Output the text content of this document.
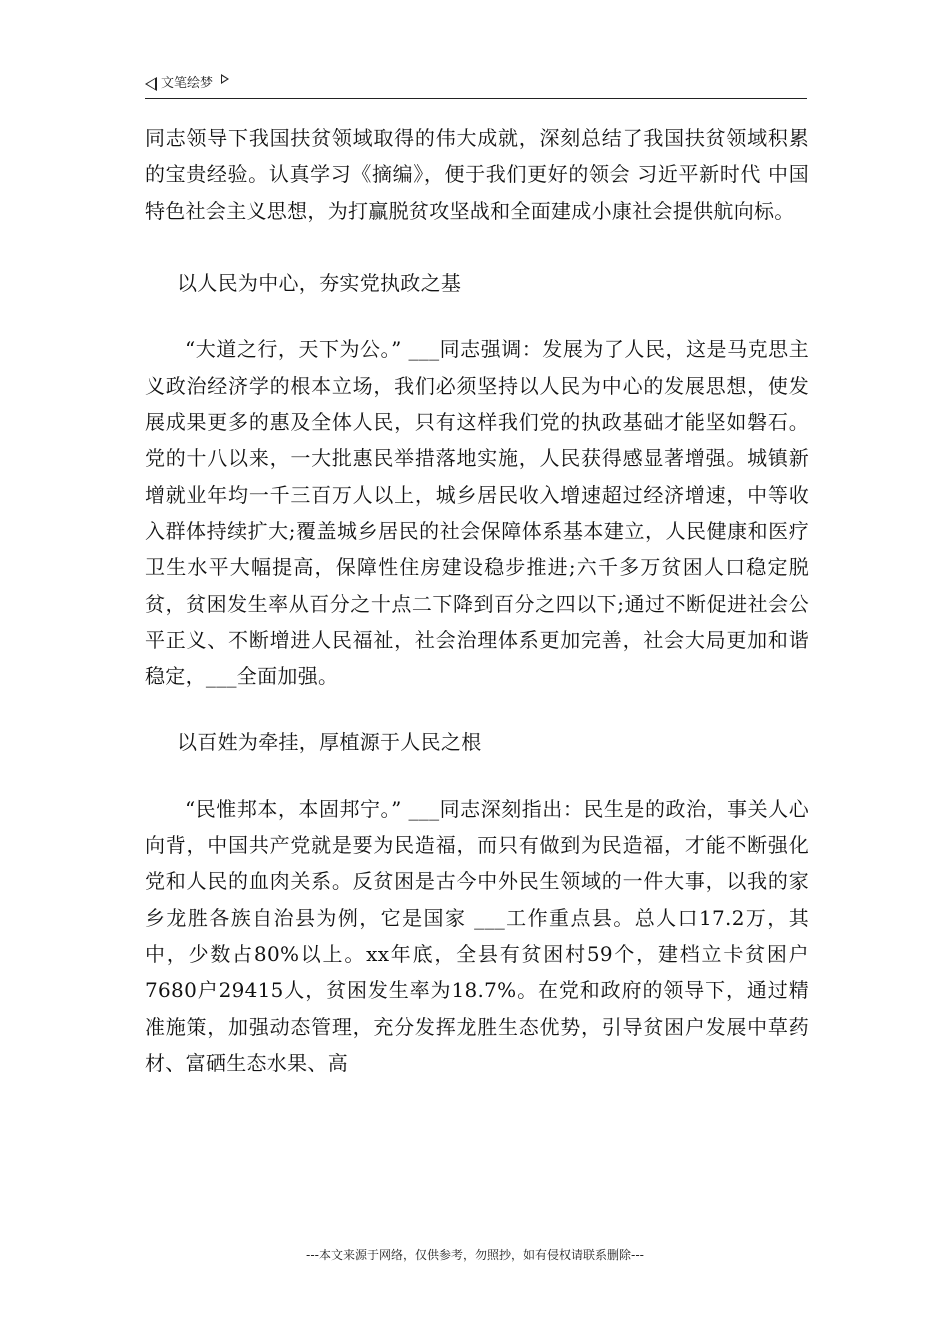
文笔绘梦

同志领导下我国扶贫领域取得的伟大成就，深刻总结了我国扶贫领域积累的宝贵经验。认真学习《摘编》，便于我们更好的领会 习近平新时代 中国特色社会主义思想，为打赢脱贫攻坚战和全面建成小康社会提供航向标。

以人民为中心，夯实党执政之基

“大道之行，天下为公。” ___同志强调：发展为了人民，这是马克思主义政治经济学的根本立场，我们必须坚持以人民为中心的发展思想，使发展成果更多的惠及全体人民，只有这样我们党的执政基础才能坚如磐石。党的十八以来，一大批惠民举措落地实施，人民获得感显著增强。城镇新增就业年均一千三百万人以上，城乡居民收入增速超过经济增速，中等收入群体持续扩大;覆盖城乡居民的社会保障体系基本建立，人民健康和医疗卫生水平大幅提高，保障性住房建设稳步推进;六千多万贫困人口稳定脱贫，贫困发生率从百分之十点二下降到百分之四以下;通过不断促进社会公平正义、不断增进人民福祉，社会治理体系更加完善，社会大局更加和谐稳定，___全面加强。

以百姓为牵挂，厚植源于人民之根

“民惟邦本，本固邦宁。” ___同志深刻指出：民生是的政治，事关人心向背，中国共产党就是要为民造福，而只有做到为民造福，才能不断强化党和人民的血肉关系。反贫困是古今中外民生领域的一件大事，以我的家乡龙胜各族自治县为例，它是国家 ___工作重点县。总人口17.2万，其中，少数占80%以上。xx年底，全县有贫困村59个，建档立卡贫困户7680户29415人，贫困发生率为18.7%。在党和政府的领导下，通过精准施策，加强动态管理，充分发挥龙胜生态优势，引导贫困户发展中草药材、富硒生态水果、高

---本文来源于网络，仅供参考，勿照抄，如有侵权请联系删除---
